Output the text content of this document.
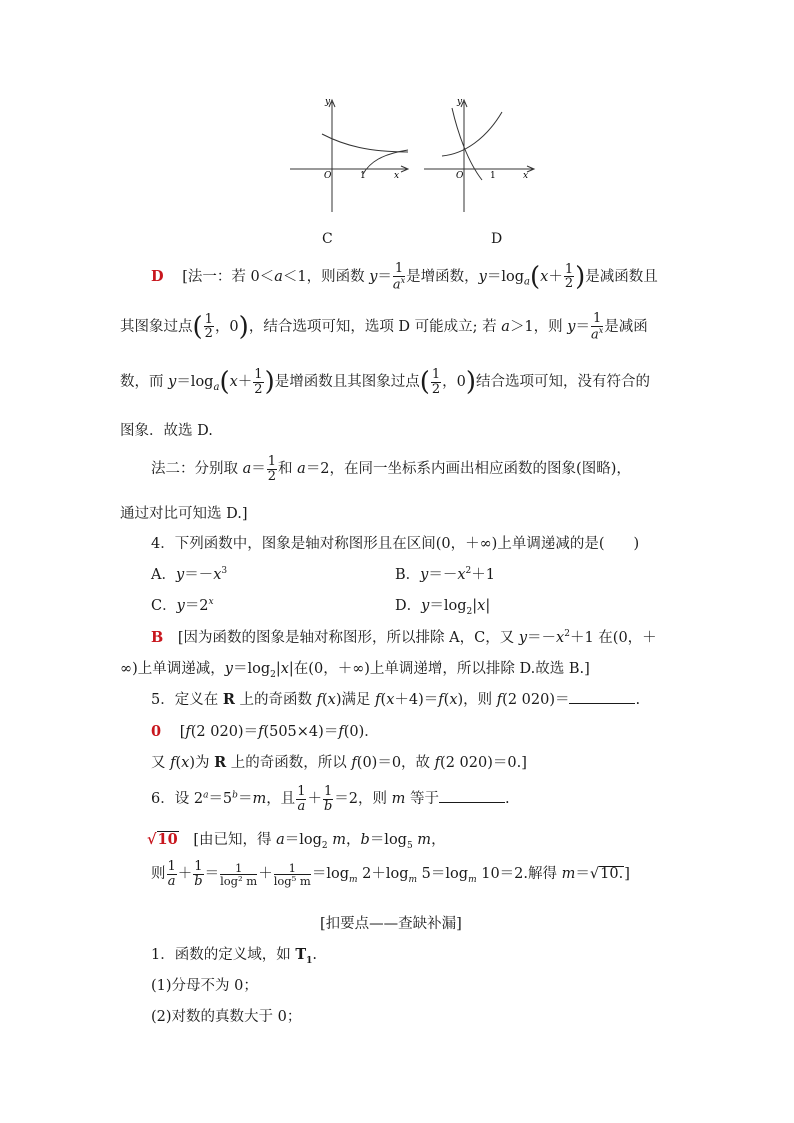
y
x
O	1
C
y
x
O	1
D
D [法一：若 0＜a＜1，则函数 $y= \frac{1}{a^x}$ 是增函数，$y=\log_a(x+ \frac{1}{2}$ )是减函数且
其图象过点( $\frac{1}{2}$ ，0)，结合选项可知，选项 D 可能成立; 若 a＞1，则 $y= \frac{1}{a^x}$ 是减函
数，而 $y=\log_a(x+ \frac{1}{2}$ )是增函数且其图象过点( $\frac{1}{2}$ ，0)结合选项可知，没有符合的
图象．故选 D.
法二：分别取 $a= \frac{1}{2}$ 和 a＝2，在同一坐标系内画出相应函数的图象(图略)，
通过对比可知选 D.]
4．下列函数中，图象是轴对称图形且在区间(0，＋∞)上单调递减的是(　　)
A．$y=-x^3$	B．$y=-x^2+1$
C．$y=2^x$	D．$y=\log_2|x|$
B [因为函数的图象是轴对称图形，所以排除 A，C，又 $y=-x^2+1$ 在(0，＋
∞)上单调递减，$y=\log_2|x|$在(0，＋∞)上单调递增，所以排除 D.故选 B.]
5．定义在 R 上的奇函数 f(x)满足 f(x＋4)＝f(x)，则 f(2 020)＝	.
0 [f(2 020)＝f(505×4)＝f(0)．
又 f(x)为 R 上的奇函数，所以 f(0)＝0，故 f(2 020)＝0.]
6．设 $2^a=5^b=m$，且 $\frac{1}{a} + \frac{1}{b} =2$，则 m 等于	.
√10 [由已知，得 $a=\log_2$ m，$b=\log_5$ m，
则 $\frac{1}{a} + \frac{1}{b} = \frac{1}{\text{log² m}} + \frac{1}{\text{log⁵ m}} =\log_m$ $2+\log_m$ $5=\log_m$ 10＝2.解得 m＝√10.]
[扣要点——查缺补漏]
1．函数的定义域，如 $T_1$.
(1)分母不为 0；
(2)对数的真数大于 0；
